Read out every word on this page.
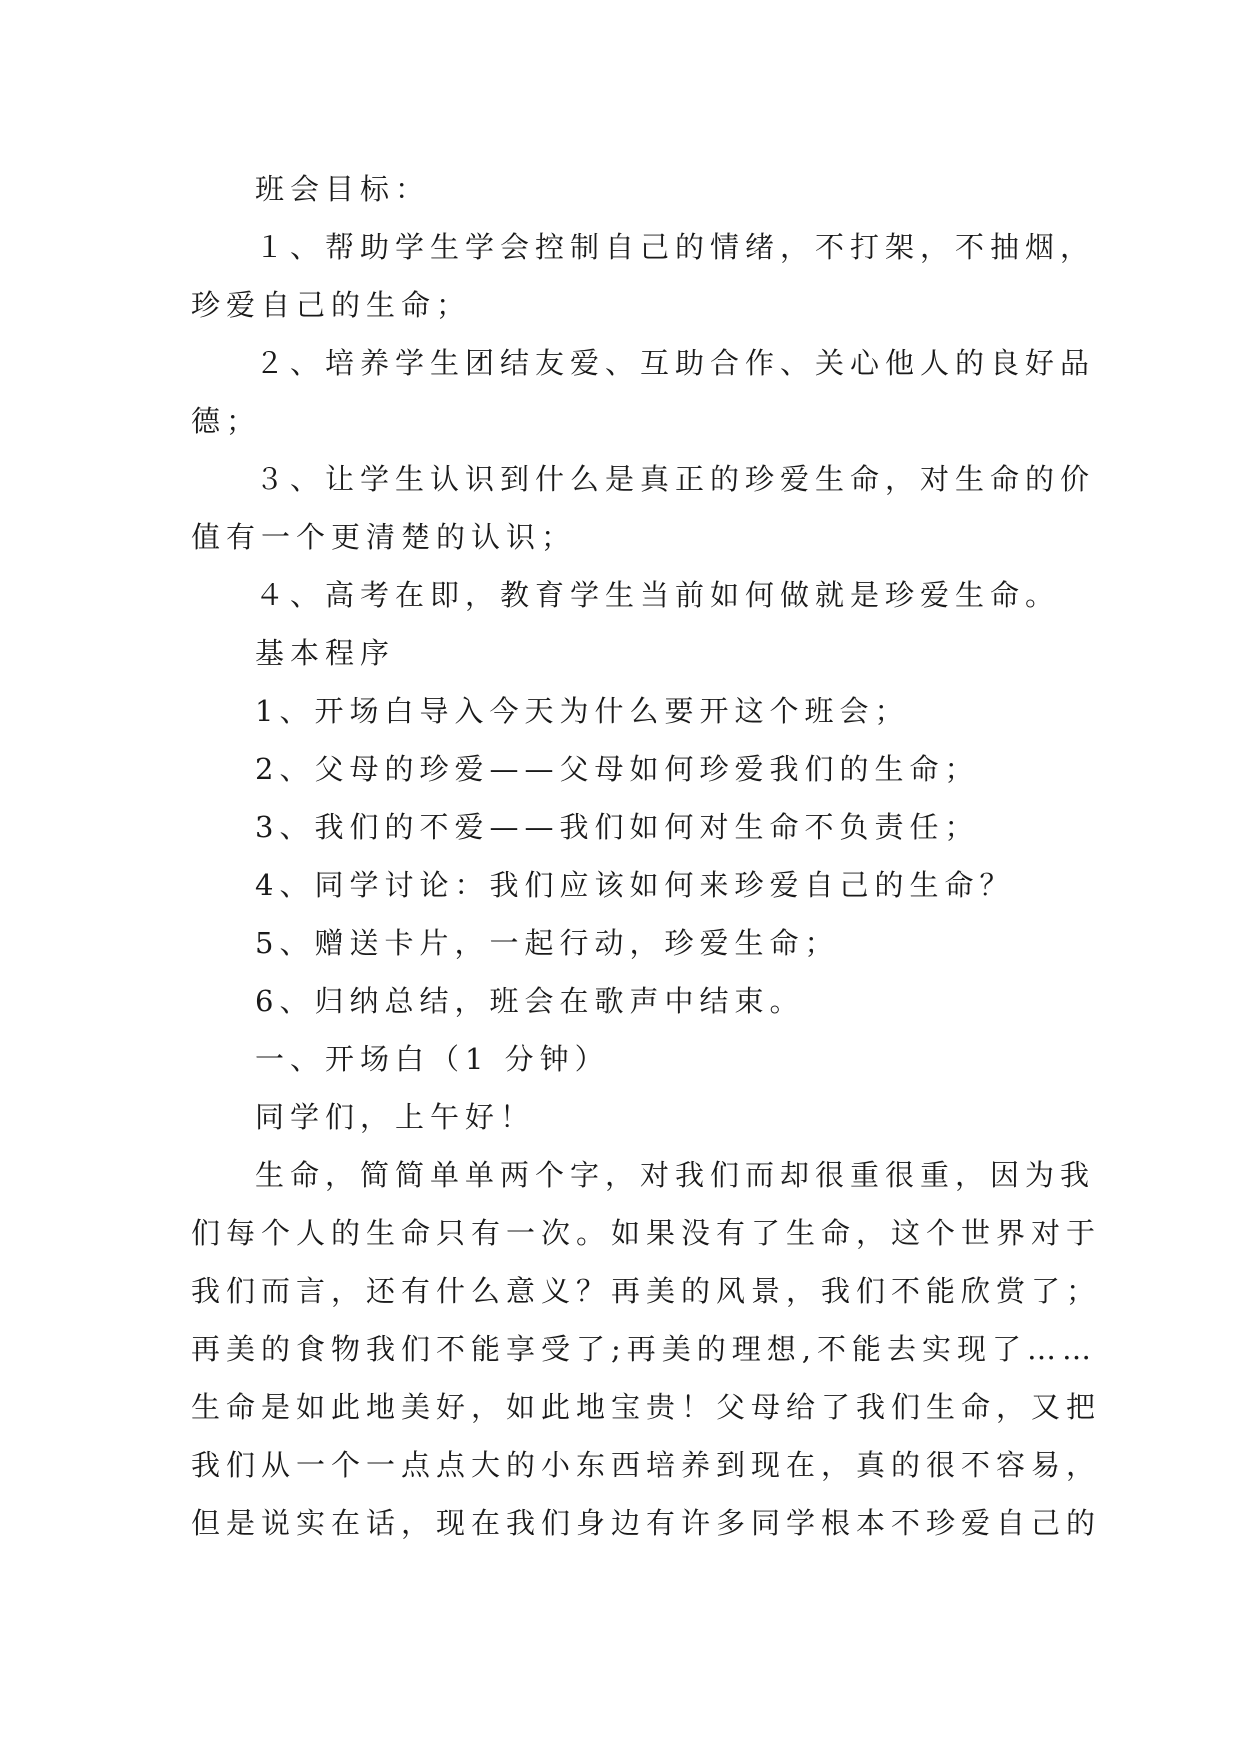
班会目标：
１、帮助学生学会控制自己的情绪，不打架，不抽烟，
珍爱自己的生命；
２、培养学生团结友爱、互助合作、关心他人的良好品
德；
３、让学生认识到什么是真正的珍爱生命，对生命的价
值有一个更清楚的认识；
４、高考在即，教育学生当前如何做就是珍爱生命。
基本程序
1、开场白导入今天为什么要开这个班会；
2、父母的珍爱——父母如何珍爱我们的生命；
3、我们的不爱——我们如何对生命不负责任；
4、同学讨论：我们应该如何来珍爱自己的生命？
5、赠送卡片，一起行动，珍爱生命；
6、归纳总结，班会在歌声中结束。
一、开场白（1 分钟）
同学们，上午好！
生命，简简单单两个字，对我们而却很重很重，因为我
们每个人的生命只有一次。如果没有了生命，这个世界对于
我们而言，还有什么意义？再美的风景，我们不能欣赏了；
再美的食物我们不能享受了;再美的理想,不能去实现了……
生命是如此地美好，如此地宝贵！父母给了我们生命，又把
我们从一个一点点大的小东西培养到现在，真的很不容易，
但是说实在话，现在我们身边有许多同学根本不珍爱自己的
